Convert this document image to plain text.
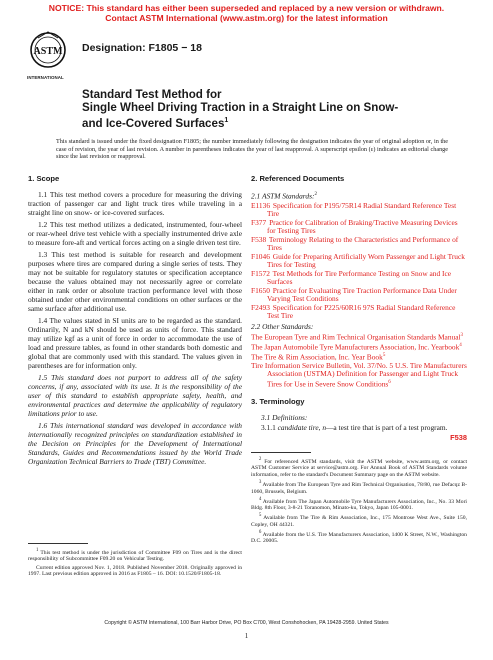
NOTICE: This standard has either been superseded and replaced by a new version or withdrawn.
Contact ASTM International (www.astm.org) for the latest information
ASTM
INTERNATIONAL
Designation: F1805 − 18
Standard Test Method for
Single Wheel Driving Traction in a Straight Line on Snow-
and Ice-Covered Surfaces$^1$
This standard is issued under the fixed designation F1805; the number immediately following the designation indicates the year of original adoption or, in the case of revision, the year of last revision. A number in parentheses indicates the year of last reapproval. A superscript epsilon (ε) indicates an editorial change since the last revision or reapproval.

1. Scope

1.1 This test method covers a procedure for measuring the driving traction of passenger car and light truck tires while traveling in a straight line on snow- or ice-covered surfaces.

1.2 This test method utilizes a dedicated, instrumented, four-wheel or rear-wheel drive test vehicle with a specially instrumented drive axle to measure fore-aft and vertical forces acting on a single driven test tire.

1.3 This test method is suitable for research and development purposes where tires are compared during a single series of tests. They may not be suitable for regulatory statutes or specification acceptance because the values obtained may not necessarily agree or correlate either in rank order or absolute traction performance level with those obtained under other environmental conditions on other surfaces or the same surface after additional use.

1.4 The values stated in SI units are to be regarded as the standard. Ordinarily, N and kN should be used as units of force. This standard may utilize kgf as a unit of force in order to accommodate the use of load and pressure tables, as found in other standards both domestic and global that are commonly used with this standard. The values given in parentheses are for information only.

1.5 This standard does not purport to address all of the safety concerns, if any, associated with its use. It is the responsibility of the user of this standard to establish appropriate safety, health, and environmental practices and determine the applicability of regulatory limitations prior to use.

1.6 This international standard was developed in accordance with internationally recognized principles on standardization established in the Decision on Principles for the Development of International Standards, Guides and Recommendations issued by the World Trade Organization Technical Barriers to Trade (TBT) Committee.

2. Referenced Documents

2.1 ASTM Standards:$^2$

E1136 Specification for P195/75R14 Radial Standard Reference Test Tire

F377 Practice for Calibration of Braking/Tractive Measuring Devices for Testing Tires

F538 Terminology Relating to the Characteristics and Performance of Tires

F1046 Guide for Preparing Artificially Worn Passenger and Light Truck Tires for Testing

F1572 Test Methods for Tire Performance Testing on Snow and Ice Surfaces

F1650 Practice for Evaluating Tire Traction Performance Data Under Varying Test Conditions

F2493 Specification for P225/60R16 97S Radial Standard Reference Test Tire

2.2 Other Standards:

The European Tyre and Rim Technical Organisation Standards Manual$^3$

The Japan Automobile Tyre Manufacturers Association, Inc. Yearbook$^4$

The Tire & Rim Association, Inc. Year Book$^5$

Tire Information Service Bulletin, Vol. 37/No. 5 U.S. Tire Manufacturers Association (USTMA) Definition for Passenger and Light Truck Tires for Use in Severe Snow Conditions$^6$

3. Terminology

3.1 Definitions:

3.1.1 candidate tire, n—a test tire that is part of a test program.

F538

$^1$ This test method is under the jurisdiction of Committee F09 on Tires and is the direct responsibility of Subcommittee F09.20 on Vehicular Testing.

Current edition approved Nov. 1, 2018. Published November 2018. Originally approved in 1997. Last previous edition approved in 2016 as F1805 – 16. DOI: 10.1520/F1805-18.

$^2$ For referenced ASTM standards, visit the ASTM website, www.astm.org, or contact ASTM Customer Service at service@astm.org. For Annual Book of ASTM Standards volume information, refer to the standard's Document Summary page on the ASTM website.

$^3$ Available from The European Tyre and Rim Technical Organisation, 78/80, rue Defacqz B-1060, Brussels, Belgium.

$^4$ Available from The Japan Automobile Tyre Manufacturers Association, Inc., No. 33 Mori Bldg. 8th Floor, 3-8-21 Toranomon, Minato-ku, Tokyo, Japan 105-0001.

$^5$ Available from The Tire & Rim Association, Inc., 175 Montrose West Ave., Suite 150, Copley, OH 44321.

$^6$ Available from the U.S. Tire Manufacturers Association, 1400 K Street, N.W., Washington D.C. 20005.

Copyright © ASTM International, 100 Barr Harbor Drive, PO Box C700, West Conshohocken, PA 19428-2959. United States
1
